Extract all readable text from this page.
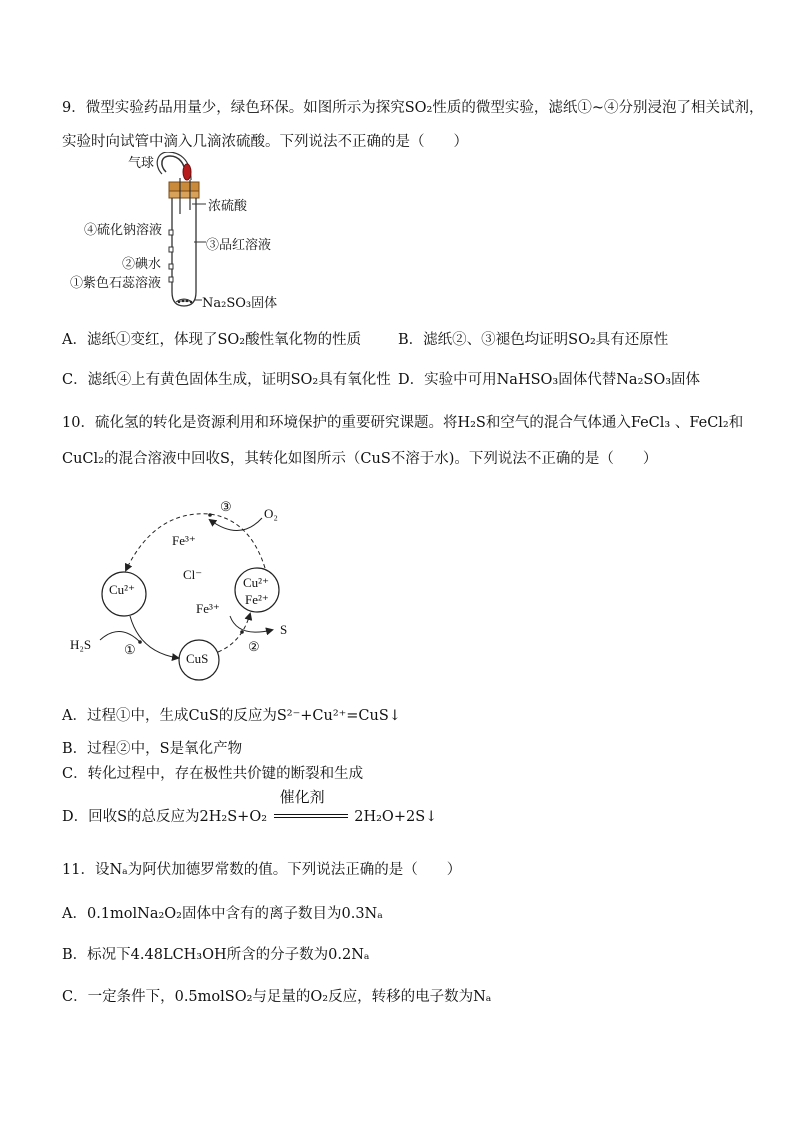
9．微型实验药品用量少，绿色环保。如图所示为探究SO₂性质的微型实验，滤纸①~④分别浸泡了相关试剂，
实验时向试管中滴入几滴浓硫酸。下列说法不正确的是（　　）
气球
浓硫酸
④硫化钠溶液
③品红溶液
②碘水
①紫色石蕊溶液
Na₂SO₃固体
A．滤纸①变红，体现了SO₂酸性氧化物的性质	B．滤纸②、③褪色均证明SO₂具有还原性
C．滤纸④上有黄色固体生成，证明SO₂具有氧化性 D．实验中可用NaHSO₃固体代替Na₂SO₃固体
10．硫化氢的转化是资源利用和环境保护的重要研究课题。将H₂S和空气的混合气体通入FeCl₃ 、FeCl₂和
CuCl₂的混合溶液中回收S，其转化如图所示（CuS不溶于水)。下列说法不正确的是（　　）
Cu²⁺
CuS
Cu²⁺
Fe²⁺
Fe³⁺
Fe³⁺
Cl⁻
O₂
H₂S
S
①	②
③
A．过程①中，生成CuS的反应为S²⁻+Cu²⁺=CuS↓
B．过程②中，S是氧化产物
C．转化过程中，存在极性共价键的断裂和生成
D．回收S的总反应为2H₂S+O₂
催化剂
2H₂O+2S↓
11．设Nₐ为阿伏加德罗常数的值。下列说法正确的是（　　）
A．0.1molNa₂O₂固体中含有的离子数目为0.3Nₐ
B．标况下4.48LCH₃OH所含的分子数为0.2Nₐ
C．一定条件下，0.5molSO₂与足量的O₂反应，转移的电子数为Nₐ
